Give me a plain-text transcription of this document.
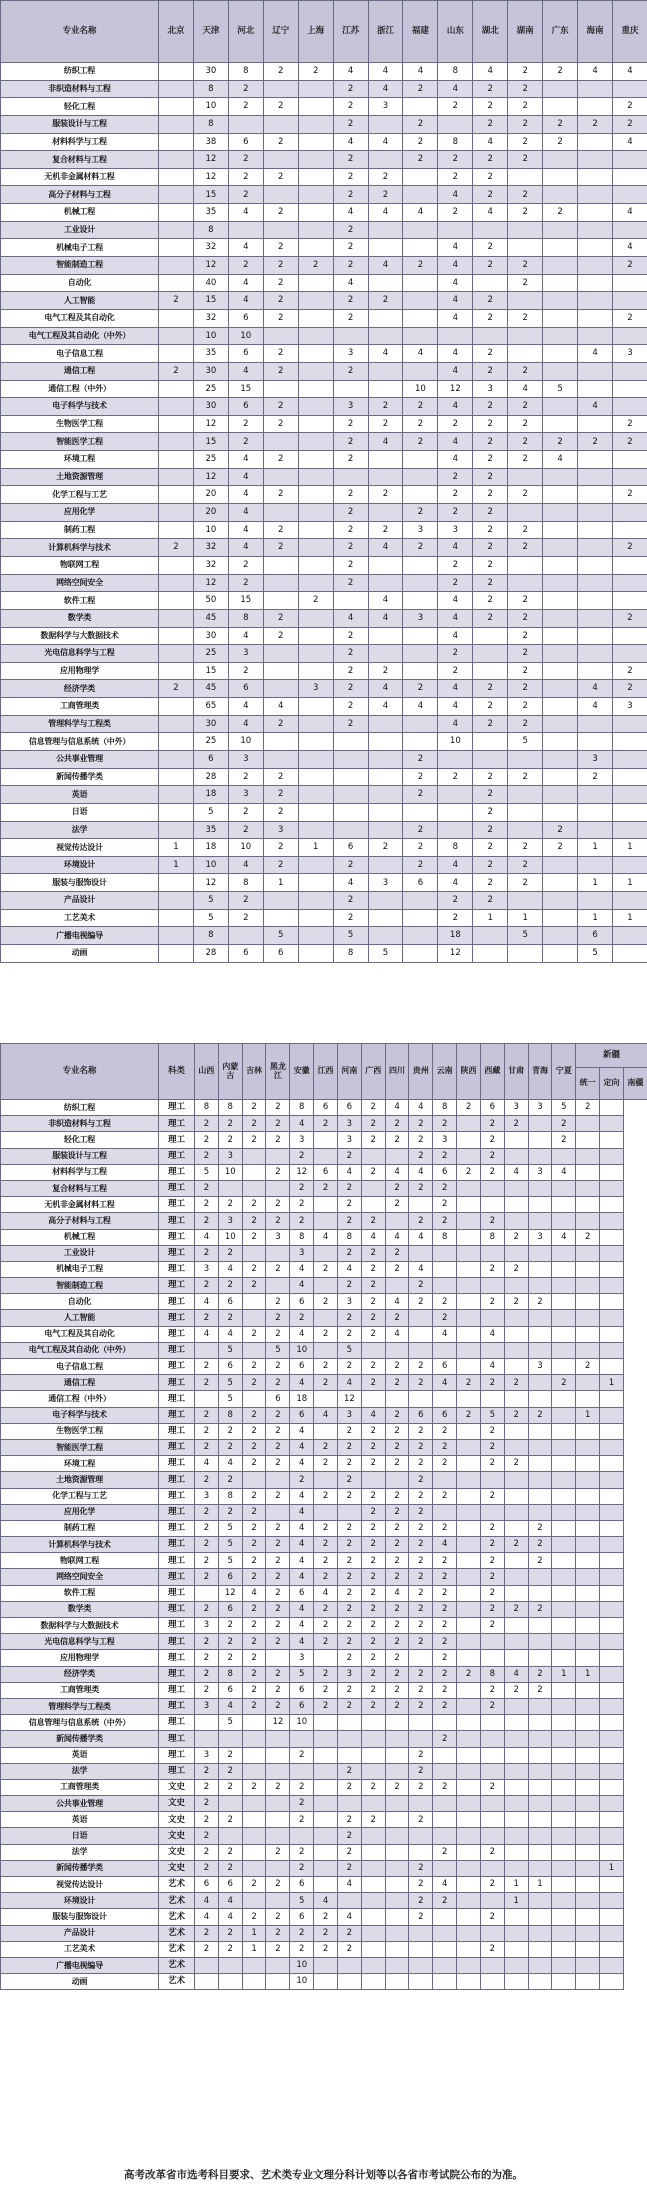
专业名称	北京	天津	河北	辽宁	上海	江苏	浙江	福建	山东	湖北	湖南	广东	海南	重庆
纺织工程		30	8	2	2	4	4	4	8	4	2	2	4	4
非织造材料与工程		8	2			2	4	2	4	2	2			
轻化工程		10	2	2		2	3		2	2	2			2
服装设计与工程		8				2		2		2	2	2	2	2
材料科学与工程		38	6	2		4	4	2	8	4	2	2		4
复合材料与工程		12	2			2		2	2	2	2			
无机非金属材料工程		12	2	2		2	2		2	2				
高分子材料与工程		15	2			2	2		4	2	2			
机械工程		35	4	2		4	4	4	2	4	2	2		4
工业设计		8				2								
机械电子工程		32	4	2		2			4	2				4
智能制造工程		12	2	2	2	2	4	2	4	2	2			2
自动化		40	4	2		4			4		2			
人工智能	2	15	4	2		2	2		4	2				
电气工程及其自动化		32	6	2		2			4	2	2			2
电气工程及其自动化（中外）		10	10											
电子信息工程		35	6	2		3	4	4	4	2			4	3
通信工程	2	30	4	2		2			4	2	2			
通信工程（中外）		25	15					10	12	3	4	5		
电子科学与技术		30	6	2		3	2	2	4	2	2		4	
生物医学工程		12	2	2		2	2	2	2	2	2			2
智能医学工程		15	2			2	4	2	4	2	2	2	2	2
环境工程		25	4	2		2			4	2	2	4		
土地资源管理		12	4						2	2				
化学工程与工艺		20	4	2		2	2		2	2	2			2
应用化学		20	4			2		2	2	2				
制药工程		10	4	2		2	2	3	3	2	2			
计算机科学与技术	2	32	4	2		2	4	2	4	2	2			2
物联网工程		32	2			2			2	2				
网络空间安全		12	2			2			2	2				
软件工程		50	15		2		4		4	2	2			
数学类		45	8	2		4	4	3	4	2	2			2
数据科学与大数据技术		30	4	2		2			4		2			
光电信息科学与工程		25	3			2			2		2			
应用物理学		15	2			2	2		2		2			2
经济学类	2	45	6		3	2	4	2	4	2	2		4	2
工商管理类		65	4	4		2	4	4	4	2	2		4	3
管理科学与工程类		30	4	2		2			4	2	2			
信息管理与信息系统（中外）		25	10						10		5			
公共事业管理		6	3					2					3	
新闻传播学类		28	2	2				2	2	2	2		2	
英语		18	3	2				2		2				
日语		5	2	2						2				
法学		35	2	3				2		2		2		
视觉传达设计	1	18	10	2	1	6	2	2	8	2	2	2	1	1
环境设计	1	10	4	2		2		2	4	2	2			
服装与服饰设计		12	8	1		4	3	6	4	2	2		1	1
产品设计		5	2			2			2	2				
工艺美术		5	2			2			2	1	1		1	1
广播电视编导		8		5		5			18		5		6	
动画		28	6	6		8	5		12				5	
专业名称	科类	山西	内蒙古	吉林	黑龙江	安徽	江西	河南	广西	四川	贵州	云南	陕西	西藏	甘肃	青海	宁夏	新疆		
																		统一	定向	南疆
纺织工程	理工	8	8	2	2	8	6	6	2	4	4	8	2	6	3	3	5	2		
非织造材料与工程	理工	2	2	2	2	4	2	3	2	2	2	2		2	2		2			
轻化工程	理工	2	2	2	2	3		3	2	2	2	3		2			2			
服装设计与工程	理工	2	3			2		2			2	2		2						
材料科学与工程	理工	5	10		2	12	6	4	2	4	4	6	2	2	4	3	4			
复合材料与工程	理工	2				2	2	2		2	2	2								
无机非金属材料工程	理工	2	2	2	2	2		2		2		2								
高分子材料与工程	理工	2	3	2	2	2		2	2		2	2		2						
机械工程	理工	4	10	2	3	8	4	8	4	4	4	8		8	2	3	4	2		
工业设计	理工	2	2			3		2	2	2										
机械电子工程	理工	3	4	2	2	4	2	4	2	2	4			2	2					
智能制造工程	理工	2	2	2		4		2	2		2									
自动化	理工	4	6		2	6	2	3	2	4	2	2		2	2	2				
人工智能	理工	2	2		2	2		2	2	2		2								
电气工程及其自动化	理工	4	4	2	2	4	2	2	2	4		4		4						
电气工程及其自动化（中外）	理工		5		5	10		5												
电子信息工程	理工	2	6	2	2	6	2	2	2	2	2	6		4		3		2		
通信工程	理工	2	5	2	2	4	2	4	2	2	2	4	2	2	2		2		1	
通信工程（中外）	理工		5		6	18		12												
电子科学与技术	理工	2	8	2	2	6	4	3	4	2	6	6	2	5	2	2		1		
生物医学工程	理工	2	2	2	2	4		2	2	2	2	2		2						
智能医学工程	理工	2	2	2	2	4	2	2	2	2	2	2		2						
环境工程	理工	4	4	2	2	4	2	2	2	2	2	2		2	2					
土地资源管理	理工	2	2			2		2			2									
化学工程与工艺	理工	3	8	2	2	4	2	2	2	2	2	2		2						
应用化学	理工	2	2	2		4			2	2	2									
制药工程	理工	2	5	2	2	4	2	2	2	2	2	2		2		2				
计算机科学与技术	理工	2	5	2	2	4	2	2	2	2	2	4		2	2	2				
物联网工程	理工	2	5	2	2	4	2	2	2	2	2	2		2		2				
网络空间安全	理工	2	6	2	2	4	2	2	2	2	2	2		2						
软件工程	理工		12	4	2	6	4	2	2	4	2	2		2						
数学类	理工	2	6	2	2	4	2	2	2	2	2	2		2	2	2				
数据科学与大数据技术	理工	3	2	2	2	4	2	2	2	2	2	2		2						
光电信息科学与工程	理工	2	2	2	2	4	2	2	2	2	2	2								
应用物理学	理工	2	2	2		3		2	2	2		2								
经济学类	理工	2	8	2	2	5	2	3	2	2	2	2	2	8	4	2	1	1		
工商管理类	理工	2	6	2	2	6	2	2	2	2	2	2		2	2	2				
管理科学与工程类	理工	3	4	2	2	6	2	2	2	2	2	2		2						
信息管理与信息系统（中外）	理工		5		12	10														
新闻传播学类	理工											2								
英语	理工	3	2			2					2									
法学	理工	2	2					2			2									
工商管理类	文史	2	2	2	2	2		2	2	2	2	2		2						
公共事业管理	文史	2				2														
英语	文史	2	2			2		2	2		2									
日语	文史	2						2												
法学	文史	2	2		2	2		2				2		2						
新闻传播学类	文史	2	2			2		2			2								1	
视觉传达设计	艺术	6	6	2	2	6		4			2	4		2	1	1				
环境设计	艺术	4	4			5	4				2	2			1					
服装与服饰设计	艺术	4	4	2	2	6	2	4			2			2						
产品设计	艺术	2	2	1	2	2	2	2												
工艺美术	艺术	2	2	1	2	2	2	2						2						
广播电视编导	艺术					10														
动画	艺术					10														
高考改革省市选考科目要求、艺术类专业文理分科计划等以各省市考试院公布的为准。
